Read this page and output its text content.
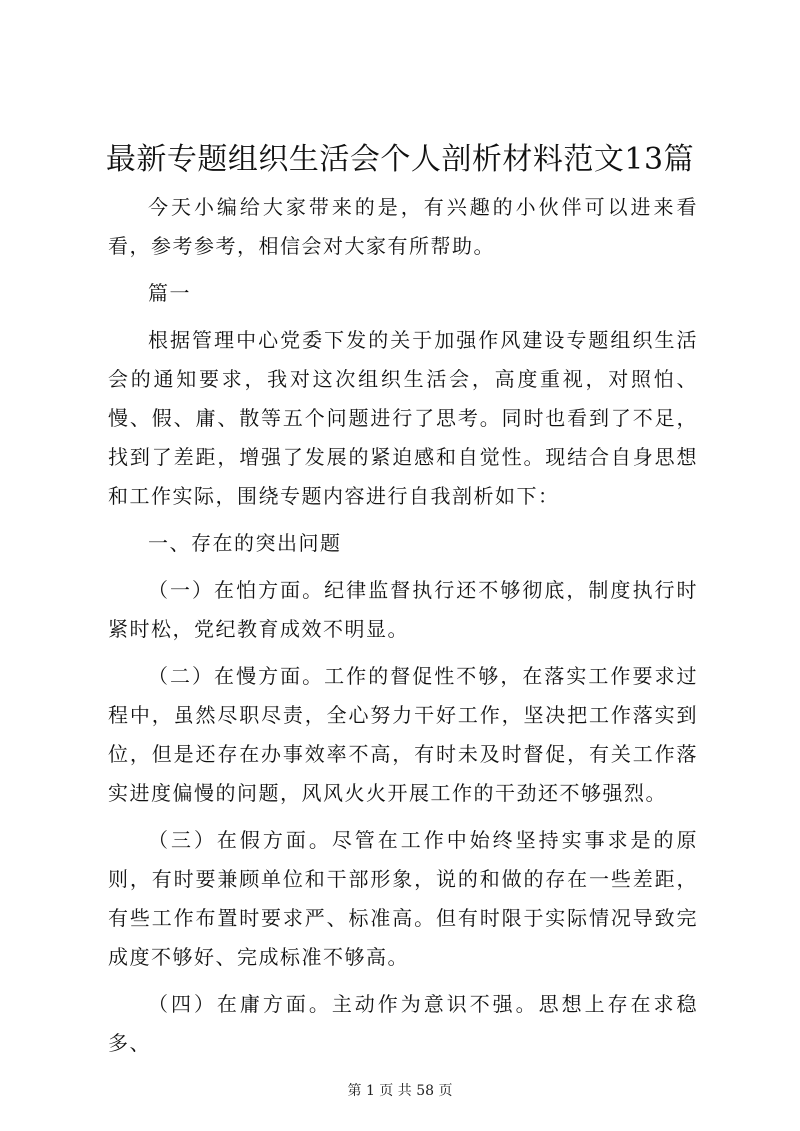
最新专题组织生活会个人剖析材料范文13篇

今天小编给大家带来的是，有兴趣的小伙伴可以进来看看，参考参考，相信会对大家有所帮助。

篇一

根据管理中心党委下发的关于加强作风建设专题组织生活会的通知要求，我对这次组织生活会，高度重视，对照怕、慢、假、庸、散等五个问题进行了思考。同时也看到了不足，找到了差距，增强了发展的紧迫感和自觉性。现结合自身思想和工作实际，围绕专题内容进行自我剖析如下：

一、存在的突出问题

（一）在怕方面。纪律监督执行还不够彻底，制度执行时紧时松，党纪教育成效不明显。

（二）在慢方面。工作的督促性不够，在落实工作要求过程中，虽然尽职尽责，全心努力干好工作，坚决把工作落实到位，但是还存在办事效率不高，有时未及时督促，有关工作落实进度偏慢的问题，风风火火开展工作的干劲还不够强烈。

（三）在假方面。尽管在工作中始终坚持实事求是的原则，有时要兼顾单位和干部形象，说的和做的存在一些差距，有些工作布置时要求严、标准高。但有时限于实际情况导致完成度不够好、完成标准不够高。

（四）在庸方面。主动作为意识不强。思想上存在求稳多、

第 1 页 共 58 页
